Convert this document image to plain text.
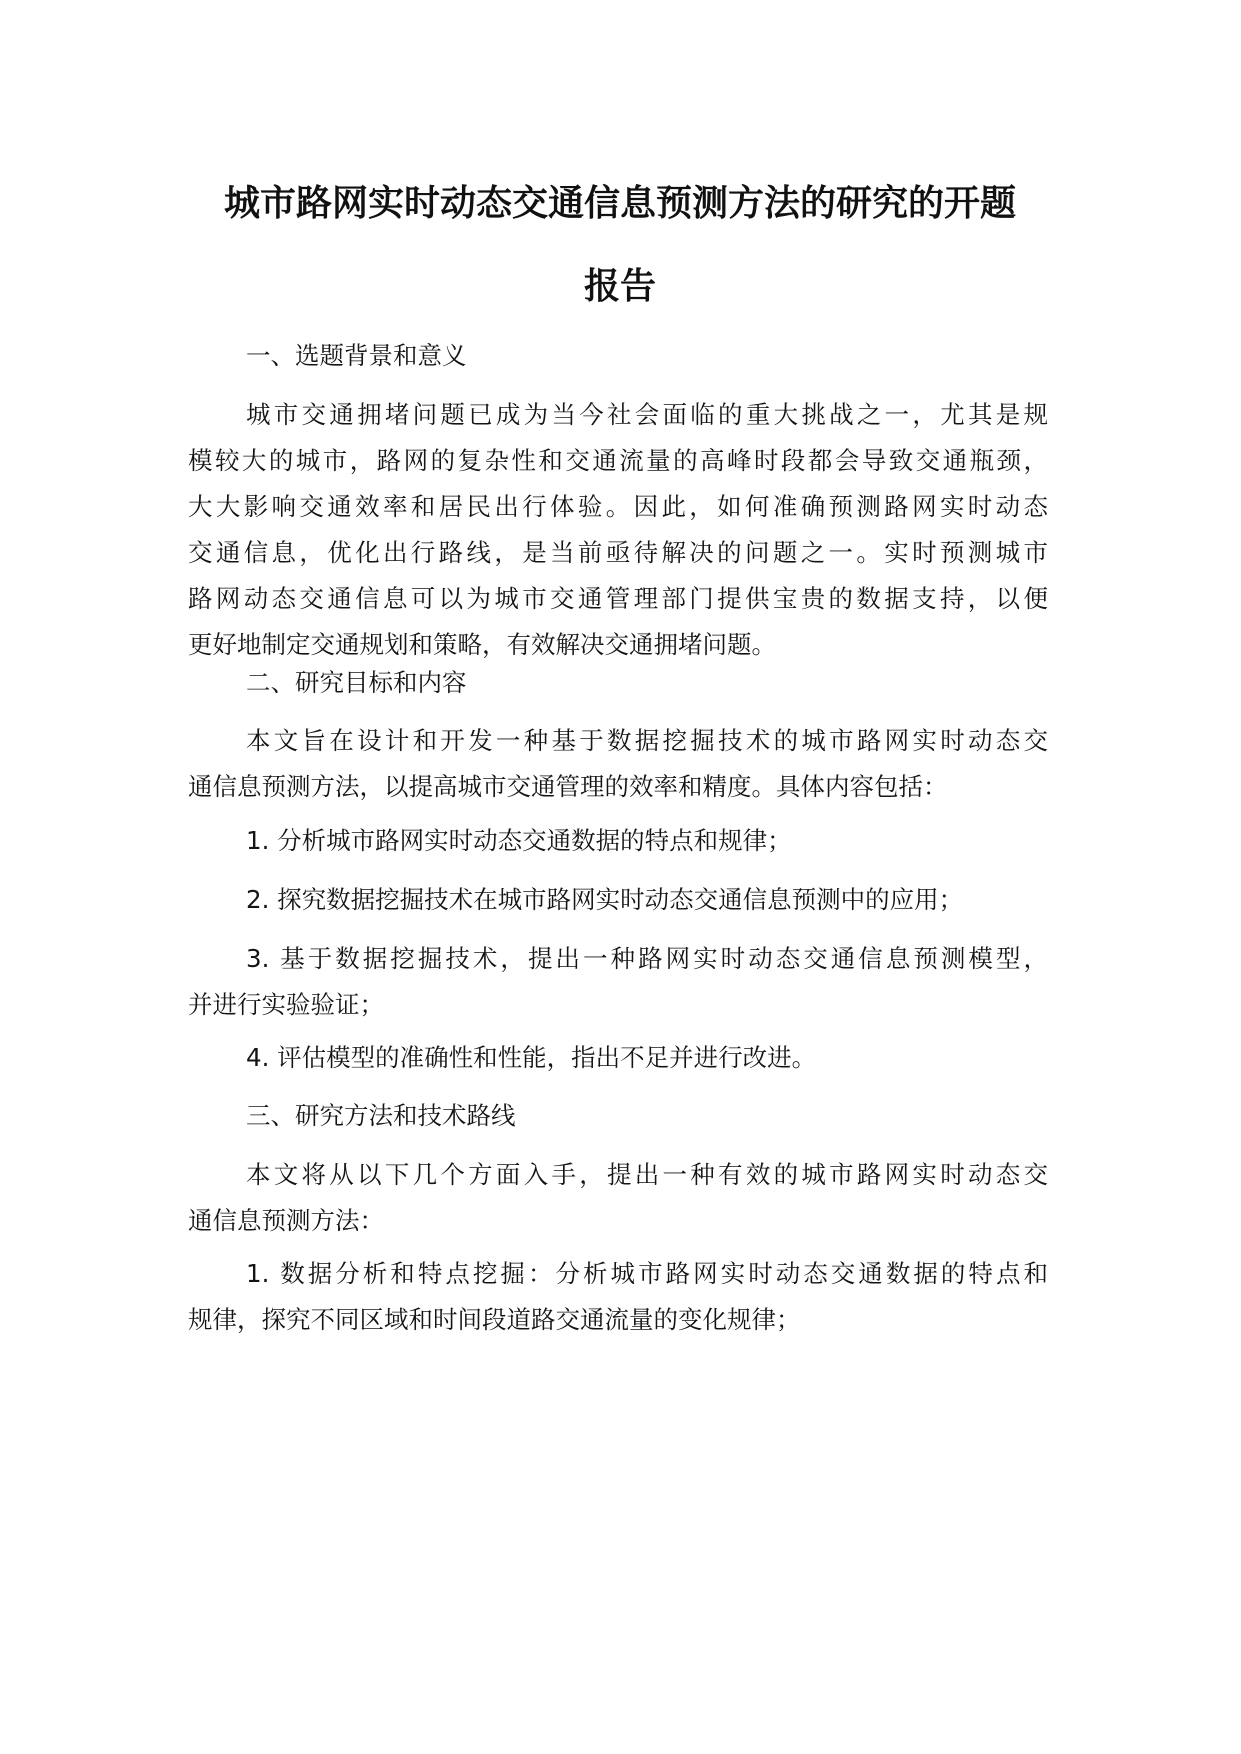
城市路网实时动态交通信息预测方法的研究的开题
报告

一、选题背景和意义

城市交通拥堵问题已成为当今社会面临的重大挑战之一，尤其是规
模较大的城市，路网的复杂性和交通流量的高峰时段都会导致交通瓶颈，
大大影响交通效率和居民出行体验。因此，如何准确预测路网实时动态
交通信息，优化出行路线，是当前亟待解决的问题之一。实时预测城市
路网动态交通信息可以为城市交通管理部门提供宝贵的数据支持，以便
更好地制定交通规划和策略，有效解决交通拥堵问题。

二、研究目标和内容

本文旨在设计和开发一种基于数据挖掘技术的城市路网实时动态交
通信息预测方法，以提高城市交通管理的效率和精度。具体内容包括：

1. 分析城市路网实时动态交通数据的特点和规律；

2. 探究数据挖掘技术在城市路网实时动态交通信息预测中的应用；

3. 基于数据挖掘技术，提出一种路网实时动态交通信息预测模型，
并进行实验验证；

4. 评估模型的准确性和性能，指出不足并进行改进。

三、研究方法和技术路线

本文将从以下几个方面入手，提出一种有效的城市路网实时动态交
通信息预测方法：

1. 数据分析和特点挖掘：分析城市路网实时动态交通数据的特点和
规律，探究不同区域和时间段道路交通流量的变化规律；
